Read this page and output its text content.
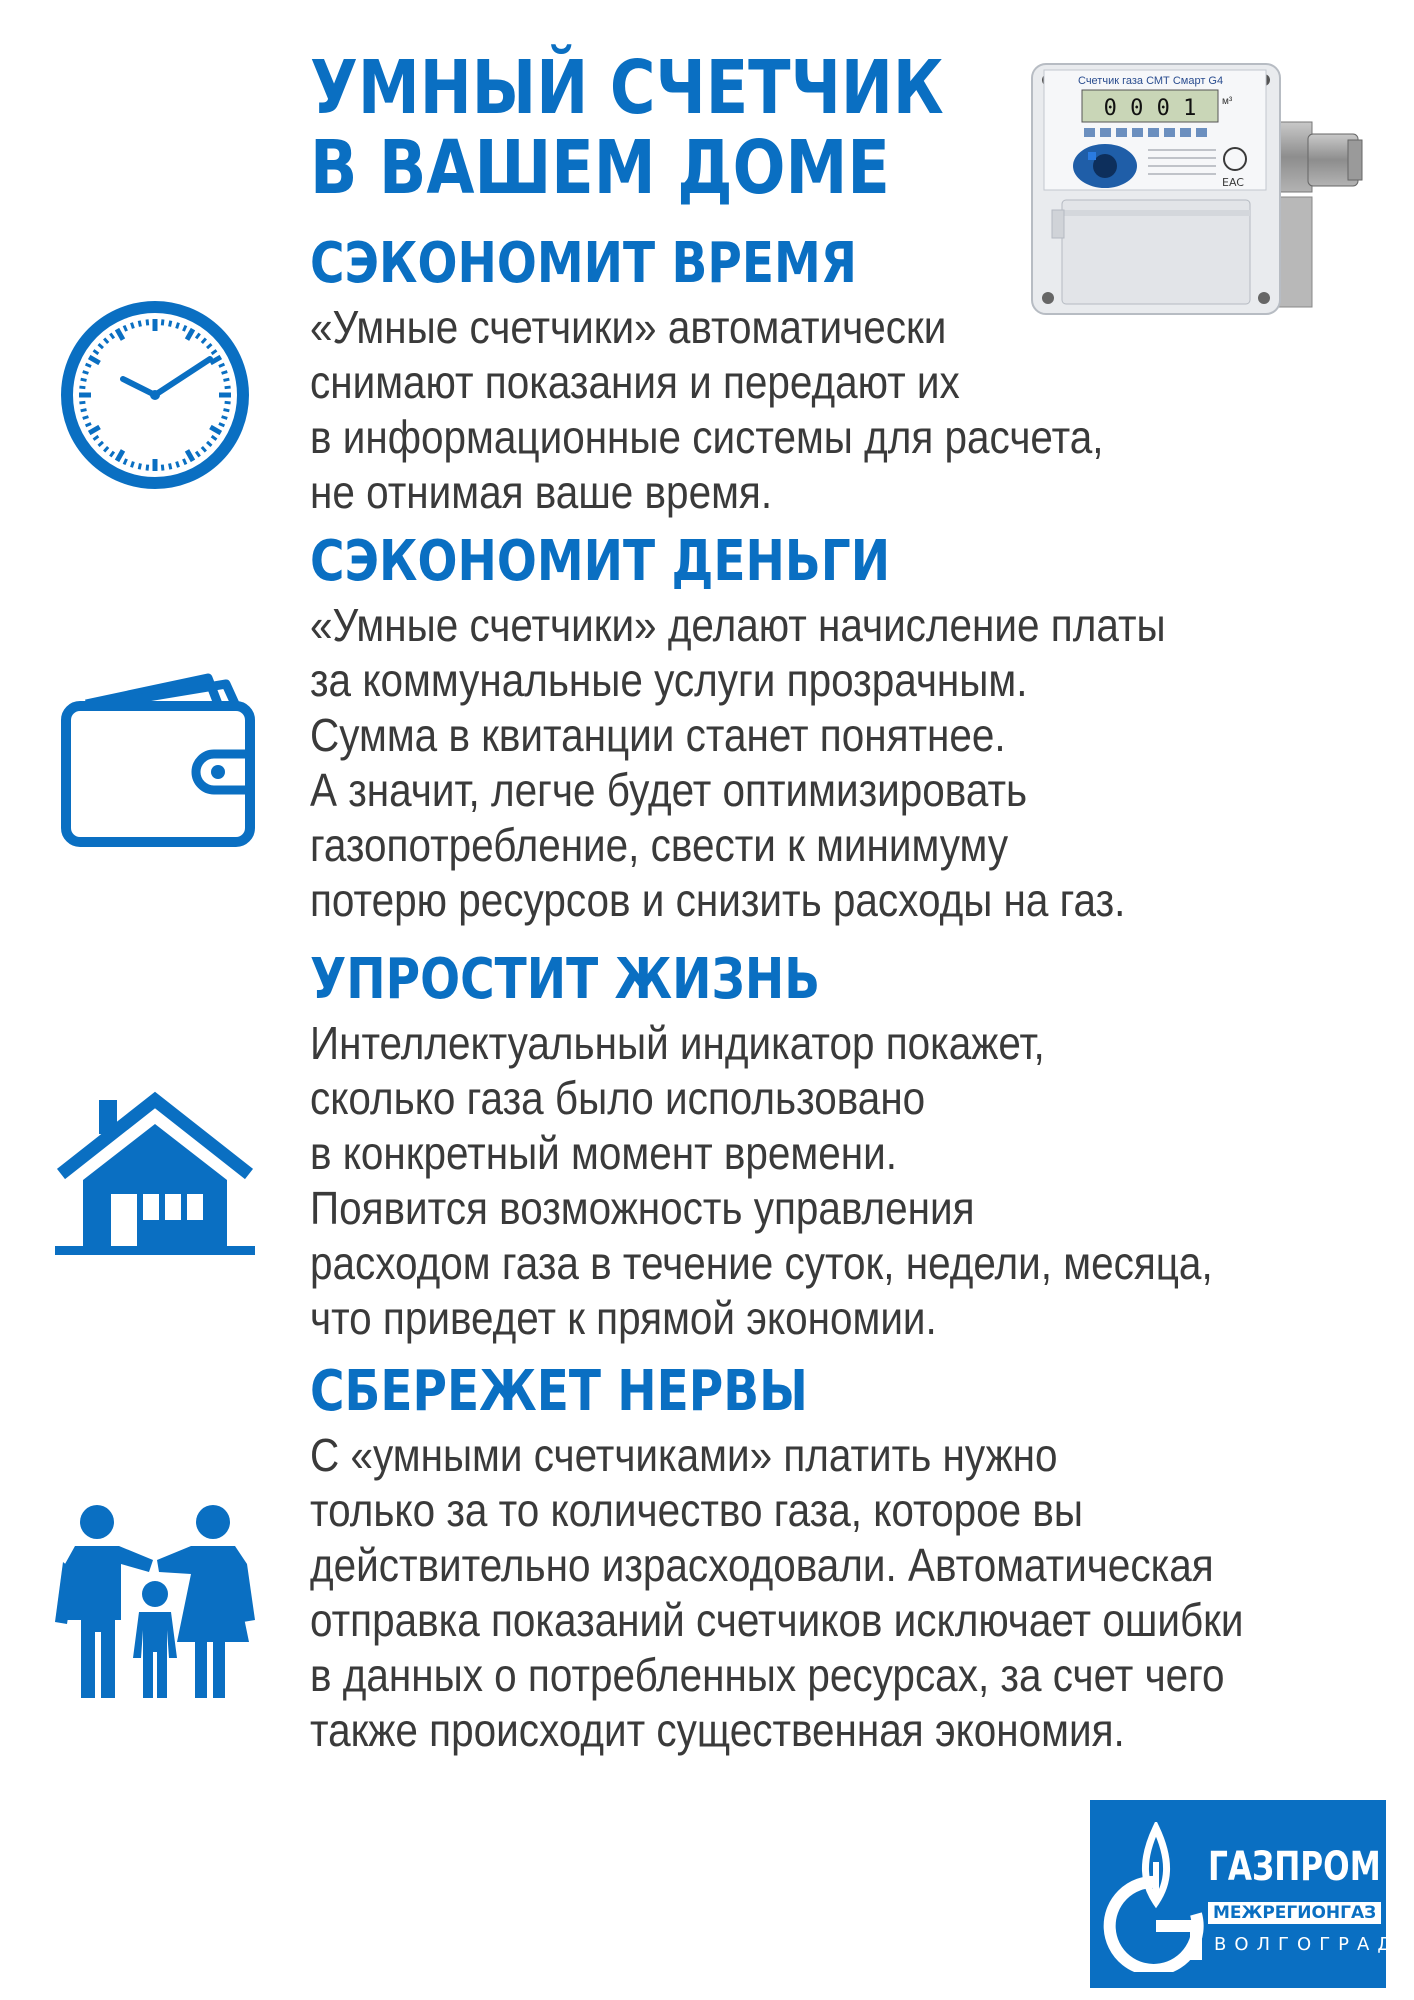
УМНЫЙ СЧЕТЧИК
В ВАШЕМ ДОМЕ
Счетчик газа СМТ Смарт G4
0 0 0 1	м³
EAC
СЭКОНОМИТ ВРЕМЯ
«Умные счетчики» автоматически
снимают показания и передают их
в информационные системы для расчета,
не отнимая ваше время.
СЭКОНОМИТ ДЕНЬГИ
«Умные счетчики» делают начисление платы
за коммунальные услуги прозрачным.
Сумма в квитанции станет понятнее.
А значит, легче будет оптимизировать
газопотребление, свести к минимуму
потерю ресурсов и снизить расходы на газ.
УПРОСТИТ ЖИЗНЬ
Интеллектуальный индикатор покажет,
сколько газа было использовано
в конкретный момент времени.
Появится возможность управления
расходом газа в течение суток, недели, месяца,
что приведет к прямой экономии.
СБЕРЕЖЕТ НЕРВЫ
С «умными счетчиками» платить нужно
только за то количество газа, которое вы
действительно израсходовали. Автоматическая
отправка показаний счетчиков исключает ошибки
в данных о потребленных ресурсах, за счет чего
также происходит существенная экономия.
ГАЗПРОМ
МЕЖРЕГИОНГАЗ
ВОЛГОГРАД
